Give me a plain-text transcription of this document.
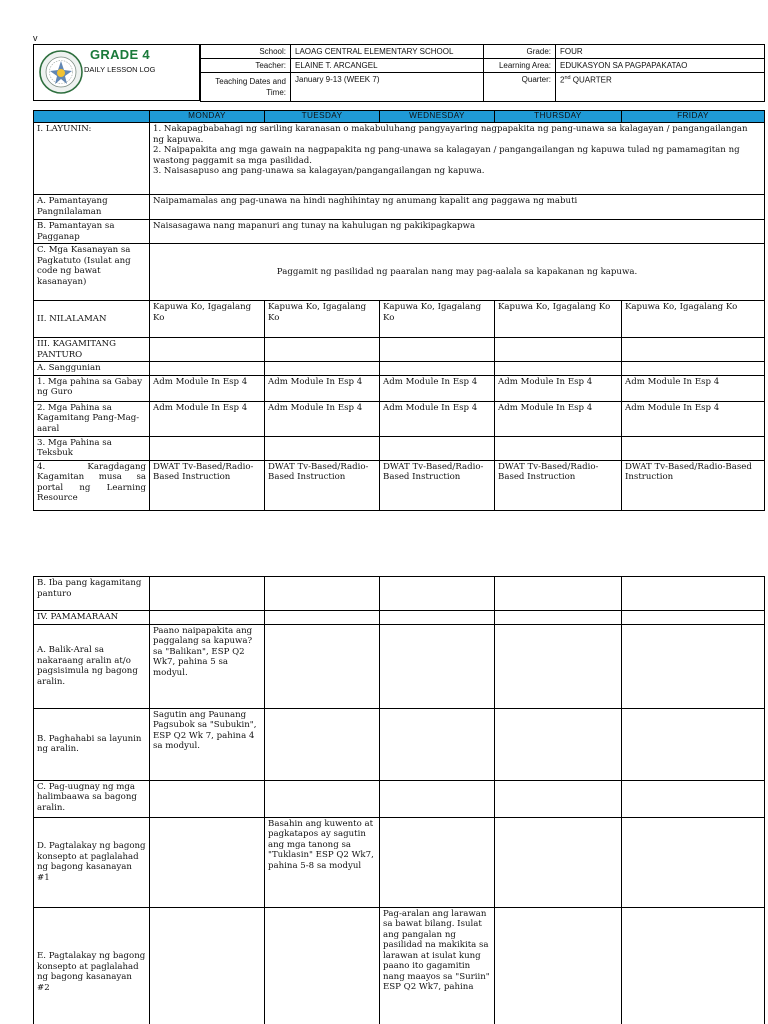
v
GRADE 4
DAILY LESSON LOG
School:	LAOAG CENTRAL ELEMENTARY SCHOOL	Grade:	FOUR
Teacher:	ELAINE T. ARCANGEL	Learning Area:	EDUKASYON SA PAGPAPAKATAO
Teaching Dates and Time:	January 9-13 (WEEK 7)	Quarter:	2nd QUARTER
	MONDAY	TUESDAY	WEDNESDAY	THURSDAY	FRIDAY
I. LAYUNIN:	1. Nakapagbabahagi ng sariling karanasan o makabuluhang pangyayaring nagpapakita ng pang-unawa sa kalagayan / pangangailangan ng kapuwa.
2. Naipapakita ang mga gawain na nagpapakita ng pang-unawa sa kalagayan / pangangailangan ng kapuwa tulad ng pamamagitan ng wastong paggamit sa mga pasilidad.
3. Naisasapuso ang pang-unawa sa kalagayan/pangangailangan ng kapuwa.				

A. Pamantayang Pangnilalaman	Naipamamalas ang pag-unawa na hindi naghihintay ng anumang kapalit ang paggawa ng mabuti				
B. Pamantayan sa Pagganap	Naisasagawa nang mapanuri ang tunay na kahulugan ng pakikipagkapwa				
C. Mga Kasanayan sa Pagkatuto (Isulat ang code ng bawat kasanayan)	Paggamit ng pasilidad ng paaralan nang may pag-aalala sa kapakanan ng kapuwa.				
II. NILALAMAN	Kapuwa Ko, Igagalang Ko	Kapuwa Ko, Igagalang Ko	Kapuwa Ko, Igagalang Ko	Kapuwa Ko, Igagalang Ko	Kapuwa Ko, Igagalang Ko
III. KAGAMITANG PANTURO					
A. Sanggunian					
1. Mga pahina sa Gabay ng Guro	Adm Module In Esp 4	Adm Module In Esp 4	Adm Module In Esp 4	Adm Module In Esp 4	Adm Module In Esp 4
2. Mga Pahina sa Kagamitang Pang-Mag-aaral	Adm Module In Esp 4	Adm Module In Esp 4	Adm Module In Esp 4	Adm Module In Esp 4	Adm Module In Esp 4
3. Mga Pahina sa Teksbuk					
4. Karagdagang Kagamitan musa sa portal ng Learning Resource	DWAT Tv-Based/Radio-Based Instruction	DWAT Tv-Based/Radio-Based Instruction	DWAT Tv-Based/Radio-Based Instruction	DWAT Tv-Based/Radio-Based Instruction	DWAT Tv-Based/Radio-Based Instruction
B. Iba pang kagamitang panturo					
IV. PAMAMARAAN					
A. Balik-Aral sa nakaraang aralin at/o pagsisimula ng bagong aralin.	Paano naipapakita ang paggalang sa kapuwa? sa "Balikan", ESP Q2 Wk7, pahina 5 sa modyul.				
B. Paghahabi sa layunin ng aralin.	Sagutin ang Paunang Pagsubok sa "Subukin", ESP Q2 Wk 7, pahina 4 sa modyul.				
C. Pag-uugnay ng mga halimbaawa sa bagong aralin.					
D. Pagtalakay ng bagong konsepto at paglalahad ng bagong kasanayan #1		Basahin ang kuwento at pagkatapos ay sagutin ang mga tanong sa "Tuklasin" ESP Q2 Wk7, pahina 5-8 sa modyul			
E. Pagtalakay ng bagong konsepto at paglalahad ng bagong kasanayan #2			Pag-aralan ang larawan sa bawat bilang. Isulat ang pangalan ng pasilidad na makikita sa larawan at isulat kung paano ito gagamitin nang maayos sa "Suriin" ESP Q2 Wk7, pahina		
